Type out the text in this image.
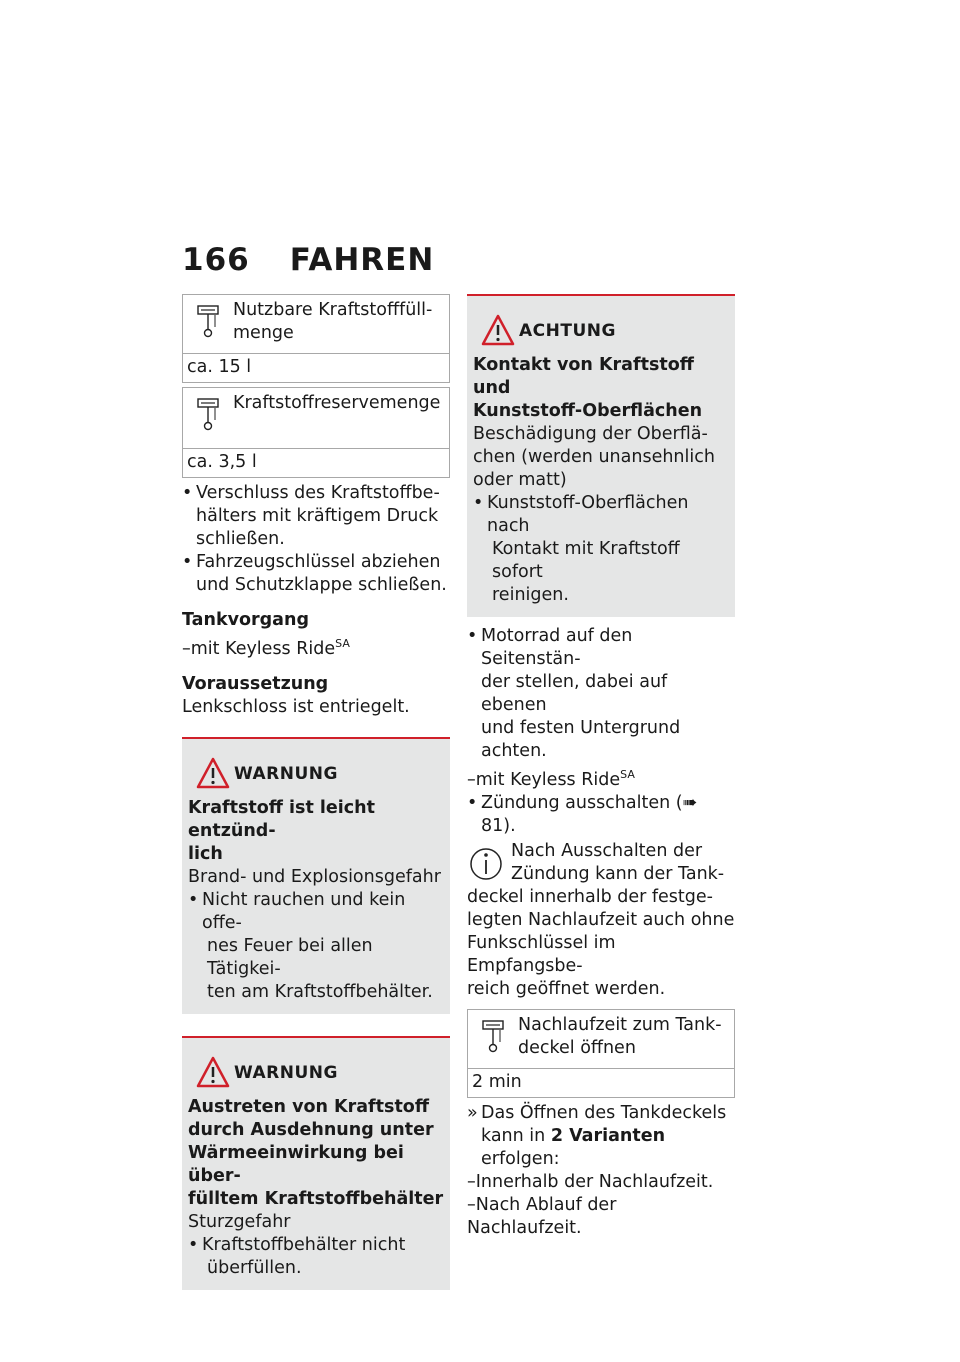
166 FAHREN
Nutzbare Kraftstofffüll-
menge
ca. 15 l
Kraftstoffreservemenge
ca. 3,5 l
• Verschluss des Kraftstoffbe-
hälters mit kräftigem Druck
schließen.
• Fahrzeugschlüssel abziehen
und Schutzklappe schließen.
Tankvorgang
–mit Keyless Ride$^{SA}$
Voraussetzung
Lenkschloss ist entriegelt.
WARNUNG
Kraftstoff ist leicht entzünd-
lich
Brand- und Explosionsgefahr
• Nicht rauchen und kein offe-
nes Feuer bei allen Tätigkei-
ten am Kraftstoffbehälter.
WARNUNG
Austreten von Kraftstoff
durch Ausdehnung unter
Wärmeeinwirkung bei über-
fülltem Kraftstoffbehälter
Sturzgefahr
• Kraftstoffbehälter nicht
überfüllen.
ACHTUNG
Kontakt von Kraftstoff und
Kunststoff-Oberflächen
Beschädigung der Oberflä-
chen (werden unansehnlich
oder matt)
• Kunststoff-Oberflächen nach
Kontakt mit Kraftstoff sofort
reinigen.
• Motorrad auf den Seitenstän-
der stellen, dabei auf ebenen
und festen Untergrund achten.
–mit Keyless Ride$^{SA}$
• Zündung ausschalten (➠ 81).
Nach Ausschalten der
Zündung kann der Tank-
deckel innerhalb der festge-
legten Nachlaufzeit auch ohne
Funkschlüssel im Empfangsbe-
reich geöffnet werden.
Nachlaufzeit zum Tank-
deckel öffnen
2 min
» Das Öffnen des Tankdeckels
kann in 2 Varianten erfolgen:
–Innerhalb der Nachlaufzeit.
–Nach Ablauf der Nachlaufzeit.
